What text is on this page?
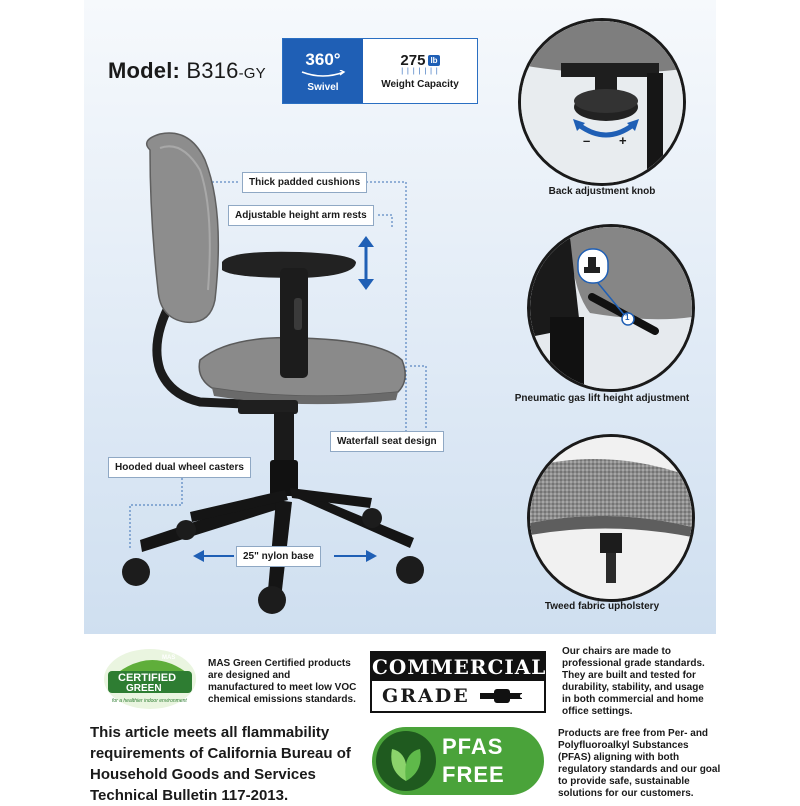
Model: B316-GY
360°
Swivel
275 lb
| | | | | | |
Weight Capacity
Thick padded cushions
Adjustable height arm rests
Waterfall seat design
Hooded dual wheel casters
25" nylon base
– +
Back adjustment knob
1
Pneumatic gas lift height adjustment
Tweed fabric upholstery
MAS
CERTIFIED
GREEN
for a healthier indoor environment
MAS Green Certified products are designed and manufactured to meet low VOC chemical emissions standards.
COMMERCIAL
GRADE
Our chairs are made to professional grade standards. They are built and tested for durability, stability, and usage in both commercial and home office settings.
This article meets all flammability requirements of California Bureau of Household Goods and Services Technical Bulletin 117-2013.
PFAS
FREE
Products are free from Per- and Polyfluoroalkyl Substances (PFAS) aligning with both regulatory standards and our goal to provide safe, sustainable solutions for our customers.
